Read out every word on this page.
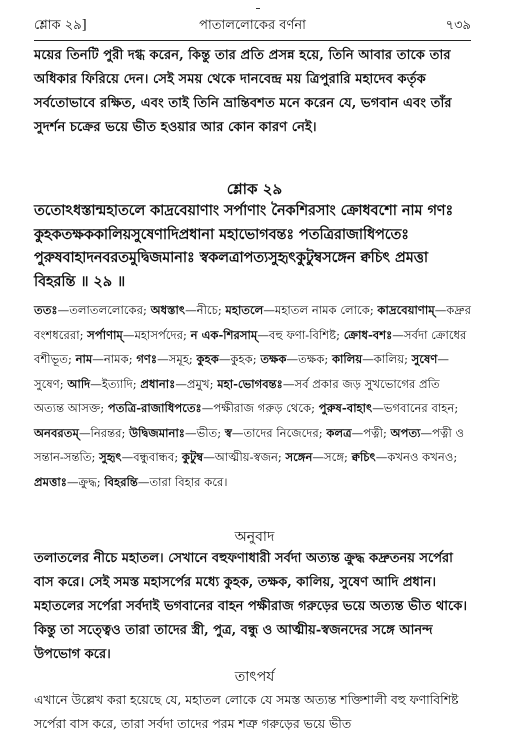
শ্লোক ২৯]	পাতাললোকের বর্ণনা	৭৩৯

ময়ের তিনটি পুরী দগ্ধ করেন, কিন্তু তার প্রতি প্রসন্ন হয়ে, তিনি আবার তাকে তার অধিকার ফিরিয়ে দেন। সেই সময় থেকে দানবেন্দ্র ময় ত্রিপুরারি মহাদেব কর্তৃক সর্বতোভাবে রক্ষিত, এবং তাই তিনি ভ্রান্তিবশত মনে করেন যে, ভগবান এবং তাঁর সুদর্শন চক্রের ভয়ে ভীত হওয়ার আর কোন কারণ নেই।

শ্লোক ২৯

ততোঽধস্তান্মহাতলে কাদ্রবেয়াণাং সর্পাণাং নৈকশিরসাং ক্রোধবশো নাম গণঃ কুহকতক্ষককালিয়সুষেণাদিপ্রধানা মহাভোগবন্তঃ পতত্রিরাজাধিপতেঃ পুরুষবাহাদনবরতমুদ্বিজমানাঃ স্বকলত্রাপত্যসুহৃৎকুটুম্বসঙ্গেন ক্বচিৎ প্রমত্তা বিহরন্তি ॥ ২৯ ॥

ততঃ—তলাতললোকের; অধস্তাৎ—নীচে; মহাতলে—মহাতল নামক লোকে; কাদ্রবেয়াণাম্—কদ্রুর বংশধরেরা; সর্পাণাম্—মহাসর্পদের; ন এক-শিরসাম্—বহু ফণা-বিশিষ্ট; ক্রোধ-বশঃ—সর্বদা ক্রোধের বশীভূত; নাম—নামক; গণঃ—সমূহ; কুহক—কুহক; তক্ষক—তক্ষক; কালিয়—কালিয়; সুষেণ—সুষেণ; আদি—ইত্যাদি; প্রধানাঃ—প্রমুখ; মহা-ভোগবন্তঃ—সর্ব প্রকার জড় সুখভোগের প্রতি অত্যন্ত আসক্ত; পতত্রি-রাজাধিপতেঃ—পক্ষীরাজ গরুড় থেকে; পুরুষ-বাহাৎ—ভগবানের বাহন; অনবরতম্—নিরন্তর; উদ্বিজমানাঃ—ভীত; স্ব—তাদের নিজেদের; কলত্র—পত্নী; অপত্য—পত্নী ও সন্তান-সন্ততি; সুহৃৎ—বন্ধুবান্ধব; কুটুম্ব—আত্মীয়-স্বজন; সঙ্গেন—সঙ্গে; ক্বচিৎ—কখনও কখনও; প্রমত্তাঃ—ক্রুদ্ধ; বিহরন্তি—তারা বিহার করে।

অনুবাদ

তলাতলের নীচে মহাতল। সেখানে বহুফণাধারী সর্বদা অত্যন্ত ক্রুদ্ধ কদ্রুতনয় সর্পেরা বাস করে। সেই সমস্ত মহাসর্পের মধ্যে কুহক, তক্ষক, কালিয়, সুষেণ আদি প্রধান। মহাতলের সর্পেরা সর্বদাই ভগবানের বাহন পক্ষীরাজ গরুড়ের ভয়ে অত্যন্ত ভীত থাকে। কিন্তু তা সত্ত্বেও তারা তাদের স্ত্রী, পুত্র, বন্ধু ও আত্মীয়-স্বজনদের সঙ্গে আনন্দ উপভোগ করে।

তাৎপর্য

এখানে উল্লেখ করা হয়েছে যে, মহাতল লোকে যে সমস্ত অত্যন্ত শক্তিশালী বহু ফণাবিশিষ্ট সর্পেরা বাস করে, তারা সর্বদা তাদের পরম শত্রু গরুড়ের ভয়ে ভীত
